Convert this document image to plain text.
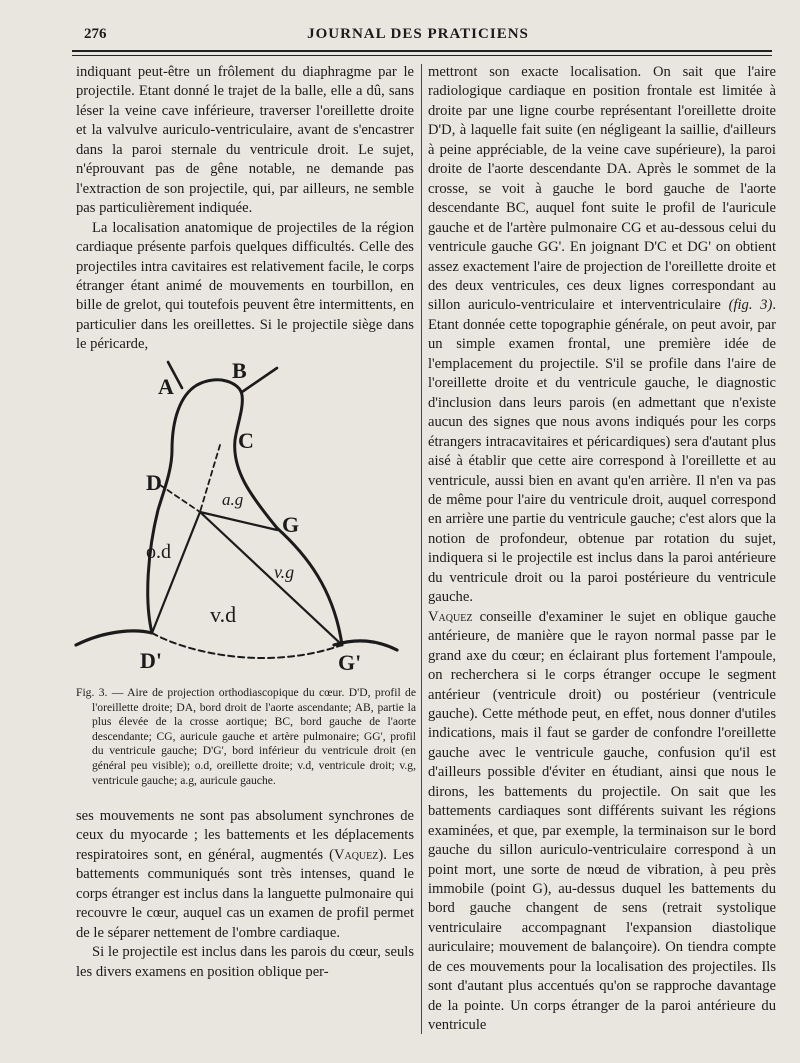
276	JOURNAL DES PRATICIENS

indiquant peut-être un frôlement du diaphragme par le projectile. Etant donné le trajet de la balle, elle a dû, sans léser la veine cave inférieure, traverser l'oreillette droite et la valvulve auriculo-ventriculaire, avant de s'encastrer dans la paroi sternale du ventricule droit. Le sujet, n'éprouvant pas de gêne notable, ne demande pas l'extraction de son projectile, qui, par ailleurs, ne semble pas particulièrement indiquée.

La localisation anatomique de projectiles de la région cardiaque présente parfois quelques difficultés. Celle des projectiles intra cavitaires est relativement facile, le corps étranger étant animé de mouvements en tourbillon, en bille de grelot, qui toutefois peuvent être intermittents, en particulier dans les oreillettes. Si le projectile siège dans le péricarde,

A
B
C
D
G
D'	G'
a.g
o.d
v.g
v.d
Fig. 3. — Aire de projection orthodiascopique du cœur. D'D, profil de l'oreillette droite; DA, bord droit de l'aorte ascendante; AB, partie la plus élevée de la crosse aortique; BC, bord gauche de l'aorte descendante; CG, auricule gauche et artère pulmonaire; GG', profil du ventricule gauche; D'G', bord inférieur du ventricule droit (en général peu visible); o.d, oreillette droite; v.d, ventricule droit; v.g, ventricule gauche; a.g, auricule gauche.

ses mouvements ne sont pas absolument synchrones de ceux du myocarde ; les battements et les déplacements respiratoires sont, en général, augmentés (Vaquez). Les battements communiqués sont très intenses, quand le corps étranger est inclus dans la languette pulmonaire qui recouvre le cœur, auquel cas un examen de profil permet de le séparer nettement de l'ombre cardiaque.

Si le projectile est inclus dans les parois du cœur, seuls les divers examens en position oblique per-

mettront son exacte localisation. On sait que l'aire radiologique cardiaque en position frontale est limitée à droite par une ligne courbe représentant l'oreillette droite D'D, à laquelle fait suite (en négligeant la saillie, d'ailleurs à peine appréciable, de la veine cave supérieure), la paroi droite de l'aorte descendante DA. Après le sommet de la crosse, se voit à gauche le bord gauche de l'aorte descendante BC, auquel font suite le profil de l'auricule gauche et de l'artère pulmonaire CG et au-dessous celui du ventricule gauche GG'. En joignant D'C et DG' on obtient assez exactement l'aire de projection de l'oreillette droite et des deux ventricules, ces deux lignes correspondant au sillon auriculo-ventriculaire et interventriculaire (fig. 3). Etant donnée cette topographie générale, on peut avoir, par un simple examen frontal, une première idée de l'emplacement du projectile. S'il se profile dans l'aire de l'oreillette droite et du ventricule gauche, le diagnostic d'inclusion dans leurs parois (en admettant que n'existe aucun des signes que nous avons indiqués pour les corps étrangers intracavitaires et péricardiques) sera d'autant plus aisé à établir que cette aire correspond à l'oreillette et au ventricule, aussi bien en avant qu'en arrière. Il n'en va pas de même pour l'aire du ventricule droit, auquel correspond en arrière une partie du ventricule gauche; c'est alors que la notion de profondeur, obtenue par rotation du sujet, indiquera si le projectile est inclus dans la paroi antérieure du ventricule droit ou la paroi postérieure du ventricule gauche.

Vaquez conseille d'examiner le sujet en oblique gauche antérieure, de manière que le rayon normal passe par le grand axe du cœur; en éclairant plus fortement l'ampoule, on recherchera si le corps étranger occupe le segment antérieur (ventricule droit) ou postérieur (ventricule gauche). Cette méthode peut, en effet, nous donner d'utiles indications, mais il faut se garder de confondre l'oreillette gauche avec le ventricule gauche, confusion qu'il est d'ailleurs possible d'éviter en étudiant, ainsi que nous le dirons, les battements du projectile. On sait que les battements cardiaques sont différents suivant les régions examinées, et que, par exemple, la terminaison sur le bord gauche du sillon auriculo-ventriculaire correspond à un point mort, une sorte de nœud de vibration, à peu près immobile (point G), au-dessus duquel les battements du bord gauche changent de sens (retrait systolique ventriculaire accompagnant l'expansion diastolique auriculaire; mouvement de balançoire). On tiendra compte de ces mouvements pour la localisation des projectiles. Ils sont d'autant plus accentués qu'on se rapproche davantage de la pointe. Un corps étranger de la paroi antérieure du ventricule
